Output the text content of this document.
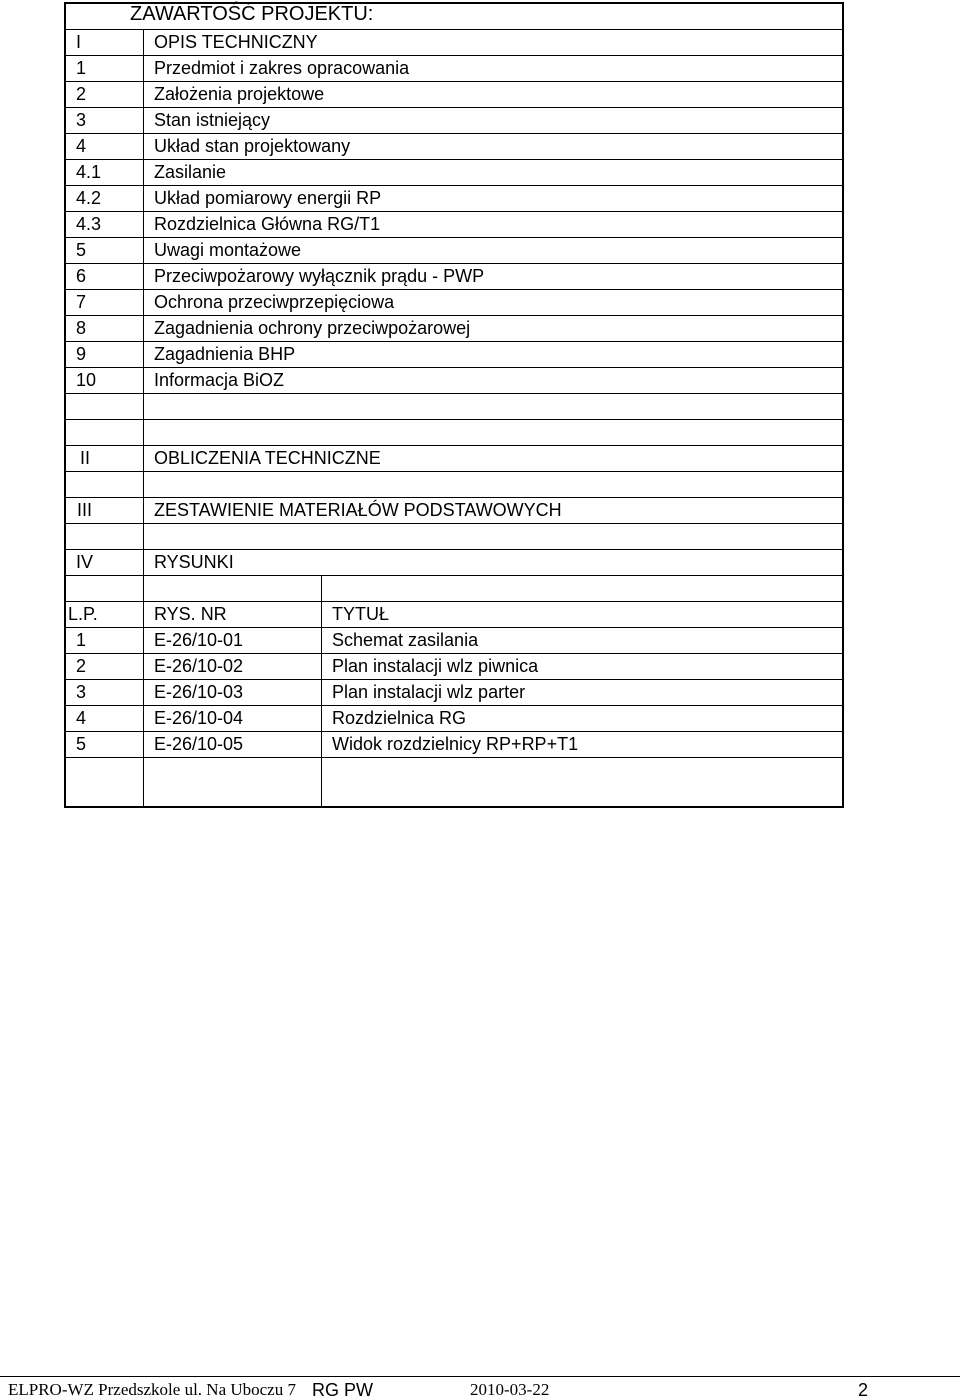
ZAWARTOŚĆ PROJEKTU:
I	OPIS TECHNICZNY
1	Przedmiot i zakres opracowania
2	Założenia projektowe
3	Stan istniejący
4	Układ stan projektowany
4.1	Zasilanie
4.2	Układ pomiarowy energii RP
4.3	Rozdzielnica Główna RG/T1
5	Uwagi montażowe
6	Przeciwpożarowy wyłącznik prądu - PWP
7	Ochrona przeciwprzepięciowa
8	Zagadnienia ochrony przeciwpożarowej
9	Zagadnienia BHP
10	Informacja BiOZ
II	OBLICZENIA TECHNICZNE
III	ZESTAWIENIE MATERIAŁÓW PODSTAWOWYCH
IV	RYSUNKI
L.P.	RYS. NR	TYTUŁ
1	E-26/10-01	Schemat zasilania
2	E-26/10-02	Plan instalacji wlz piwnica
3	E-26/10-03	Plan instalacji wlz parter
4	E-26/10-04	Rozdzielnica RG
5	E-26/10-05	Widok rozdzielnicy RP+RP+T1
ELPRO-WZ Przedszkole ul. Na Uboczu 7 RG PW	2010-03-22	2
